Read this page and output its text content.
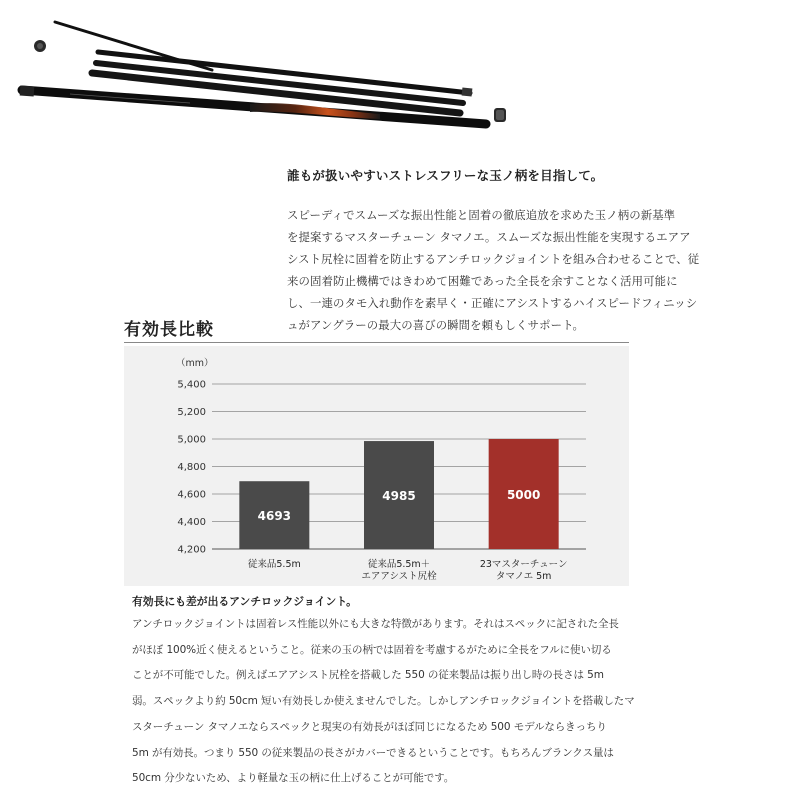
誰もが扱いやすいストレスフリーな玉ノ柄を目指して。
スピーディでスムーズな振出性能と固着の徹底追放を求めた玉ノ柄の新基準
を提案するマスターチューン タマノエ。スムーズな振出性能を実現するエアア
シスト尻栓に固着を防止するアンチロックジョイントを組み合わせることで、従
来の固着防止機構ではきわめて困難であった全長を余すことなく活用可能に
し、一連のタモ入れ動作を素早く・正確にアシストするハイスピードフィニッシ
ュがアングラーの最大の喜びの瞬間を頼もしくサポート。
有効長比較
（mm）
4,200
4,400
4,600
4,800
5,000
5,200
5,400
4693
従来品5.5m
4985
従来品5.5m＋
エアアシスト尻栓
5000
23マスターチューン
タマノエ 5m
有効長にも差が出るアンチロックジョイント。
アンチロックジョイントは固着レス性能以外にも大きな特徴があります。それはスペックに記された全長
がほぼ 100%近く使えるということ。従来の玉の柄では固着を考慮するがために全長をフルに使い切る
ことが不可能でした。例えばエアアシスト尻栓を搭載した 550 の従来製品は振り出し時の長さは 5m
弱。スペックより約 50cm 短い有効長しか使えませんでした。しかしアンチロックジョイントを搭載したマ
スターチューン タマノエならスペックと現実の有効長がほぼ同じになるため 500 モデルならきっちり
5m が有効長。つまり 550 の従来製品の長さがカバーできるということです。もちろんブランクス量は
50cm 分少ないため、より軽量な玉の柄に仕上げることが可能です。
